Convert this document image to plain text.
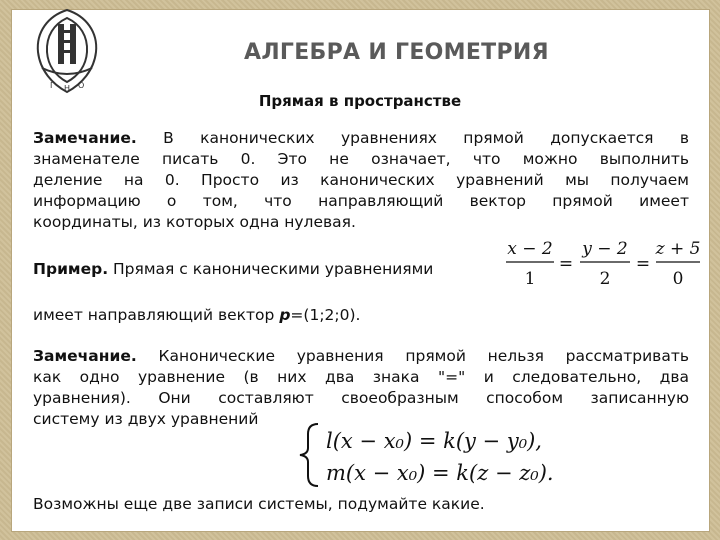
Г Н О
АЛГЕБРА И ГЕОМЕТРИЯ
Прямая в пространстве
Замечание. В канонических уравнениях прямой допускается в
знаменателе писать 0. Это не означает, что можно выполнить
деление на 0. Просто из канонических уравнений мы получаем
информацию о том, что направляющий вектор прямой имеет
координаты, из которых одна нулевая.
Пример. Прямая с каноническими уравнениями
x − 2
1
=
y − 2
2
=
z + 5
0
имеет направляющий вектор p=(1;2;0).
Замечание. Канонические уравнения прямой нельзя рассматривать
как одно уравнение (в них два знака "=" и следовательно, два
уравнения). Они составляют своеобразным способом записанную
систему из двух уравнений
l(x − x₀) = k(y − y₀),
m(x − x₀) = k(z − z₀).
Возможны еще две записи системы, подумайте какие.
